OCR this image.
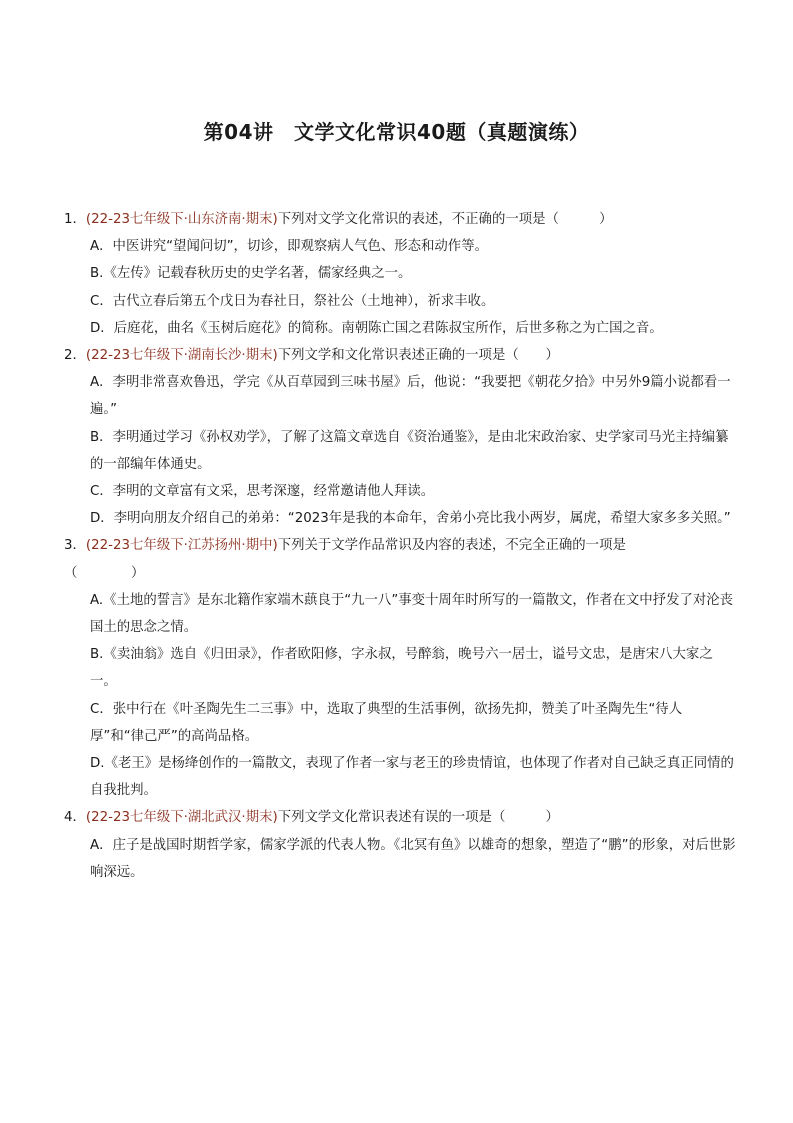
第04讲　文学文化常识40题（真题演练）
1．(22-23七年级下·山东济南·期末)下列对文学文化常识的表述，不正确的一项是（　　　）

A．中医讲究“望闻问切”，切诊，即观察病人气色、形态和动作等。

B.《左传》记载春秋历史的史学名著，儒家经典之一。

C．古代立春后第五个戊日为春社日，祭社公（土地神），祈求丰收。

D．后庭花，曲名《玉树后庭花》的简称。南朝陈亡国之君陈叔宝所作，后世多称之为亡国之音。

2．(22-23七年级下·湖南长沙·期末)下列文学和文化常识表述正确的一项是（　　）

A．李明非常喜欢鲁迅，学完《从百草园到三味书屋》后，他说：“我要把《朝花夕拾》中另外9篇小说都看一遍。”

B．李明通过学习《孙权劝学》，了解了这篇文章选自《资治通鉴》，是由北宋政治家、史学家司马光主持编纂的一部编年体通史。

C．李明的文章富有文采，思考深邃，经常邀请他人拜读。

D．李明向朋友介绍自己的弟弟：“2023年是我的本命年，舍弟小亮比我小两岁，属虎，希望大家多多关照。”

3．(22-23七年级下·江苏扬州·期中)下列关于文学作品常识及内容的表述，不完全正确的一项是
（　　　　）

A.《土地的誓言》是东北籍作家端木蕻良于“九一八”事变十周年时所写的一篇散文，作者在文中抒发了对沦丧国土的思念之情。

B.《卖油翁》选自《归田录》，作者欧阳修，字永叔，号醉翁，晚号六一居士，谥号文忠，是唐宋八大家之一。

C．张中行在《叶圣陶先生二三事》中，选取了典型的生活事例，欲扬先抑，赞美了叶圣陶先生“待人厚”和“律己严”的高尚品格。

D.《老王》是杨绛创作的一篇散文，表现了作者一家与老王的珍贵情谊，也体现了作者对自己缺乏真正同情的自我批判。

4．(22-23七年级下·湖北武汉·期末)下列文学文化常识表述有误的一项是（　　　）

A．庄子是战国时期哲学家，儒家学派的代表人物。《北冥有鱼》以雄奇的想象，塑造了“鹏”的形象，对后世影响深远。
